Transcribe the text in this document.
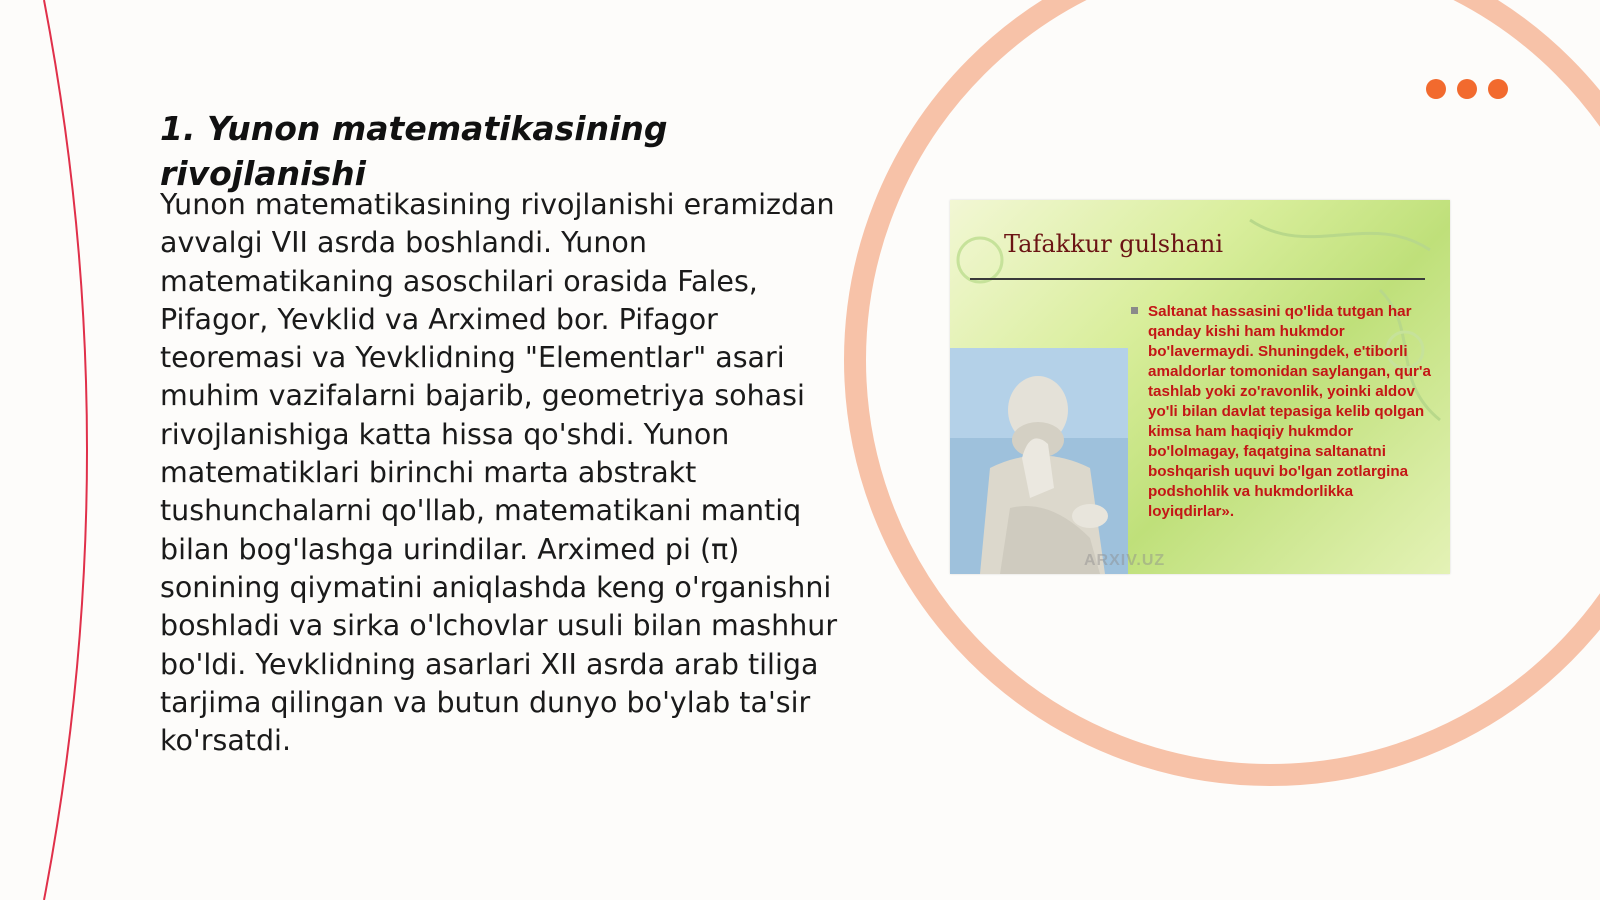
1. Yunon matematikasining rivojlanishi

Yunon matematikasining rivojlanishi eramizdan avvalgi VII asrda boshlandi. Yunon matematikaning asoschilari orasida Fales, Pifagor, Yevklid va Arximed bor. Pifagor teoremasi va Yevklidning "Elementlar" asari muhim vazifalarni bajarib, geometriya sohasi rivojlanishiga katta hissa qo'shdi. Yunon matematiklari birinchi marta abstrakt tushunchalarni qo'llab, matematikani mantiq bilan bog'lashga urindilar. Arximed pi (π) sonining qiymatini aniqlashda keng o'rganishni boshladi va sirka o'lchovlar usuli bilan mashhur bo'ldi. Yevklidning asarlari XII asrda arab tiligа tarjima qilingan va butun dunyo bo'ylab ta'sir ko'rsatdi.

Tafakkur gulshani

Saltanat hassasini qo'lida tutgan har qanday kishi ham hukmdor bo'lavermaydi. Shuningdek, e'tiborli amaldorlar tomonidan saylangan, qur'a tashlab yoki zo'ravonlik, yoinki aldov yo'li bilan davlat tepasiga kelib qolgan kimsa ham haqiqiy hukmdor bo'lolmagay, faqatgina saltanatni boshqarish uquvi bo'lgan zotlargina podshohlik va hukmdorlikka loyiqdirlar».

ARXIV.UZ
